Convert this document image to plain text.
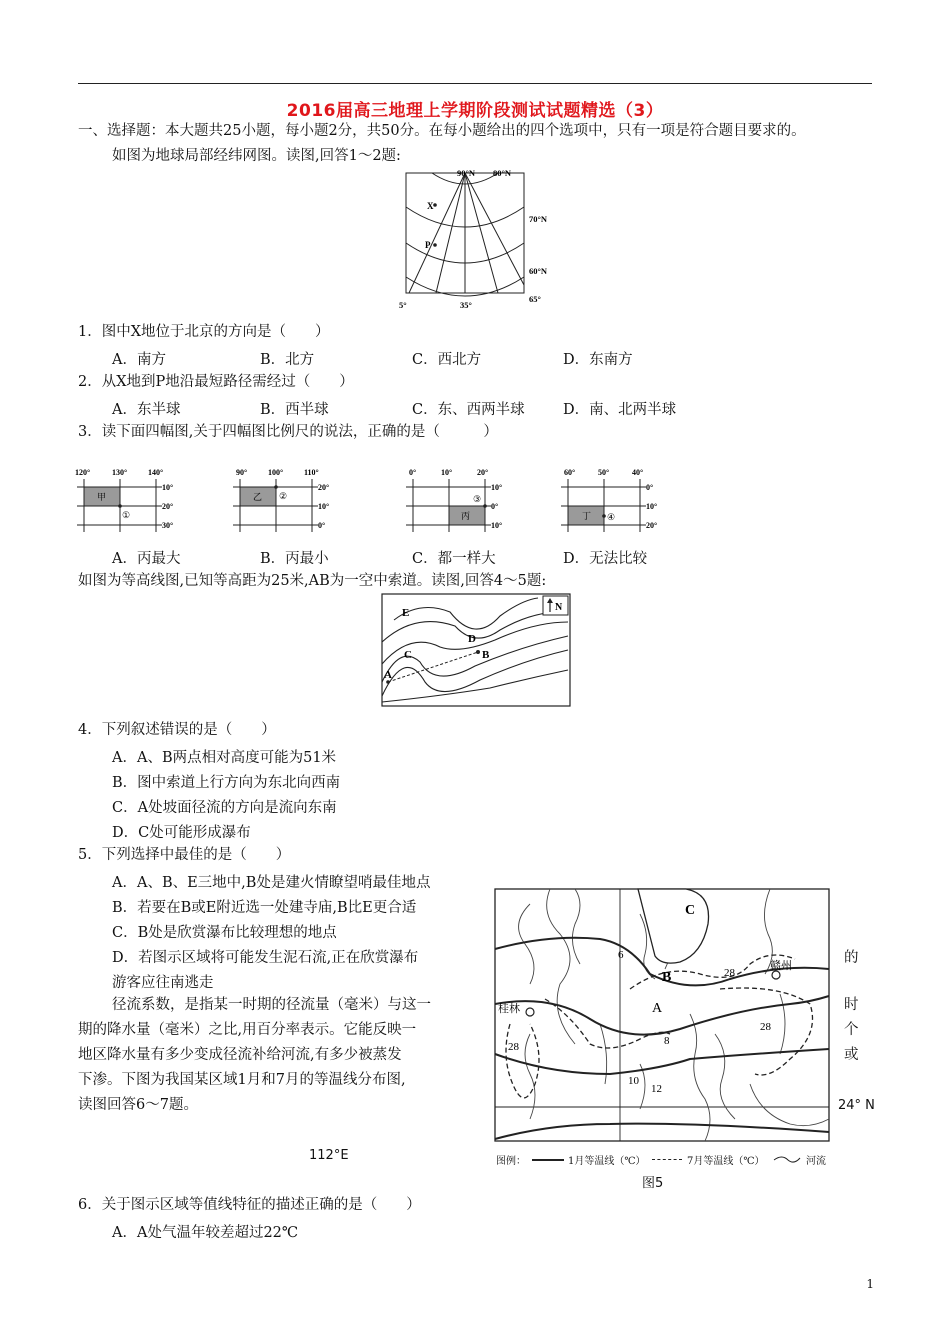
2016届高三地理上学期阶段测试试题精选（3）
一、选择题：本大题共25小题，每小题2分，共50分。在每小题给出的四个选项中，只有一项是符合题目要求的。
如图为地球局部经纬网图。读图,回答1～2题:
90°N 80°N
70°N
60°N
5°	35°
65°
X
P
1．图中X地位于北京的方向是（　　）
A．南方	B．北方	C．西北方	D．东南方
2．从X地到P地沿最短路径需经过（　　）
A．东半球	B．西半球	C．东、西两半球	D．南、北两半球
3．读下面四幅图,关于四幅图比例尺的说法，正确的是（　　　）
120°	130°	140°
10°
20°
30°
甲
①
90°	100°	110°
20°
10°
0°
乙 ②
0°	10°	20°
10°
0°
10°
丙
③
60°	50°	40°
0°
10°
20°
丁 ④
A．丙最大	B．丙最小	C．都一样大	D．无法比较
如图为等高线图,已知等高距为25米,AB为一空中索道。读图,回答4～5题:
N
E
D
C	B
A
4．下列叙述错误的是（　　）
A．A、B两点相对高度可能为51米
B．图中索道上行方向为东北向西南
C．A处坡面径流的方向是流向东南
D．C处可能形成瀑布
5．下列选择中最佳的是（　　）
A．A、B、E三地中,B处是建火情瞭望哨最佳地点
B．若要在B或E附近选一处建寺庙,B比E更合适
C．B处是欣赏瀑布比较理想的地点
D．若图示区域将可能发生泥石流,正在欣赏瀑布	的
游客应往南逃走
径流系数，是指某一时期的径流量（毫米）与这一	时
期的降水量（毫米）之比,用百分率表示。它能反映一	个
地区降水量有多少变成径流补给河流,有多少被蒸发	或
下渗。下图为我国某区域1月和7月的等温线分布图,
读图回答6～7题。
C
B
A
赣州
桂林
6
8
10
12
28
28
28
24° N
112°E	图例：	1月等温线（℃）	7月等温线（℃）	河流
图5
6．关于图示区域等值线特征的描述正确的是（　　）
A．A处气温年较差超过22℃
1
